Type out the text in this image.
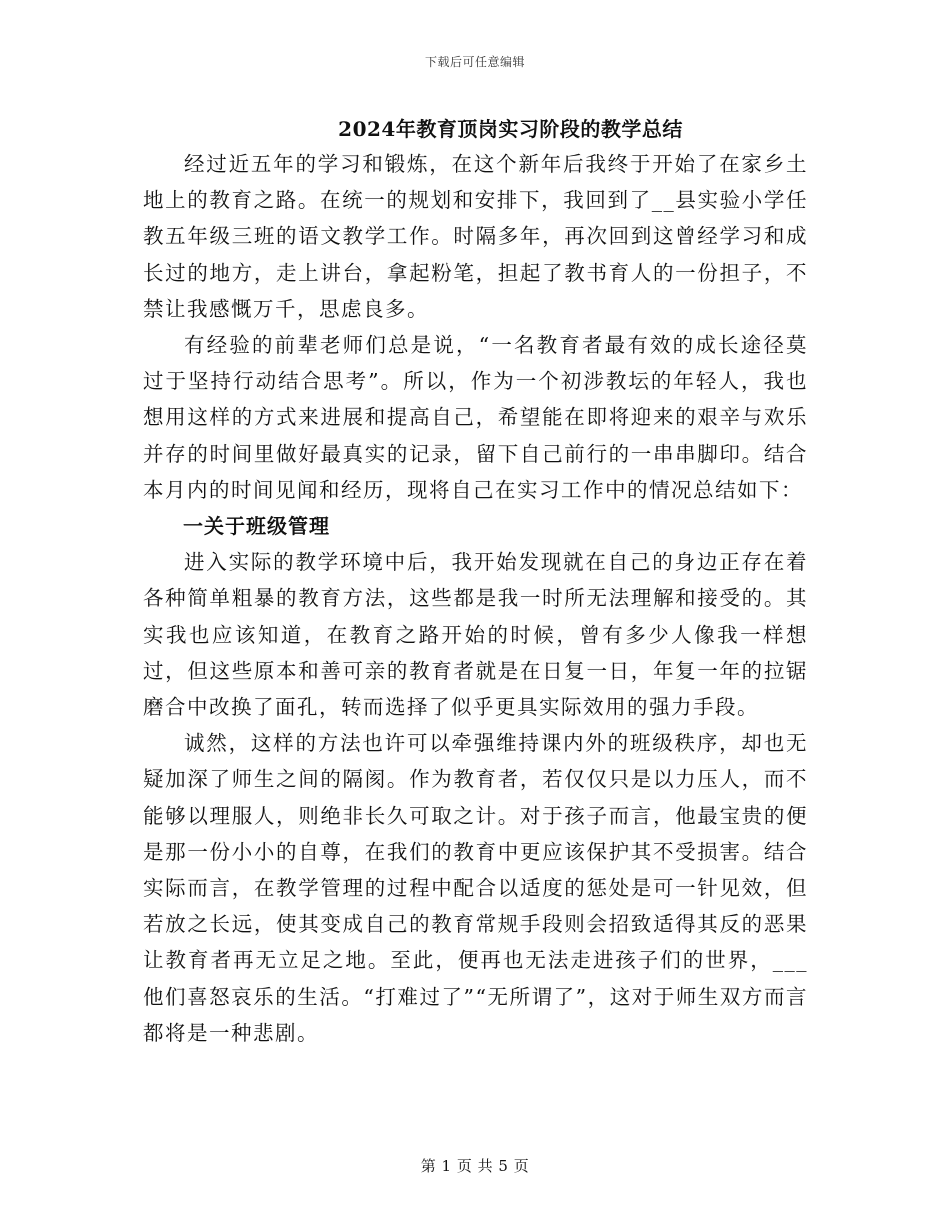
下载后可任意编辑
2024年教育顶岗实习阶段的教学总结

经过近五年的学习和锻炼，在这个新年后我终于开始了在家乡土地上的教育之路。在统一的规划和安排下，我回到了__县实验小学任教五年级三班的语文教学工作。时隔多年，再次回到这曾经学习和成长过的地方，走上讲台，拿起粉笔，担起了教书育人的一份担子，不禁让我感慨万千，思虑良多。

有经验的前辈老师们总是说，“一名教育者最有效的成长途径莫过于坚持行动结合思考”。所以，作为一个初涉教坛的年轻人，我也想用这样的方式来进展和提高自己，希望能在即将迎来的艰辛与欢乐并存的时间里做好最真实的记录，留下自己前行的一串串脚印。结合本月内的时间见闻和经历，现将自己在实习工作中的情况总结如下：

一关于班级管理

进入实际的教学环境中后，我开始发现就在自己的身边正存在着各种简单粗暴的教育方法，这些都是我一时所无法理解和接受的。其实我也应该知道，在教育之路开始的时候，曾有多少人像我一样想过，但这些原本和善可亲的教育者就是在日复一日，年复一年的拉锯磨合中改换了面孔，转而选择了似乎更具实际效用的强力手段。

诚然，这样的方法也许可以牵强维持课内外的班级秩序，却也无疑加深了师生之间的隔阂。作为教育者，若仅仅只是以力压人，而不能够以理服人，则绝非长久可取之计。对于孩子而言，他最宝贵的便是那一份小小的自尊，在我们的教育中更应该保护其不受损害。结合实际而言，在教学管理的过程中配合以适度的惩处是可一针见效，但若放之长远，使其变成自己的教育常规手段则会招致适得其反的恶果让教育者再无立足之地。至此，便再也无法走进孩子们的世界，___他们喜怒哀乐的生活。“打难过了”“无所谓了”，这对于师生双方而言都将是一种悲剧。

第 1 页 共 5 页
